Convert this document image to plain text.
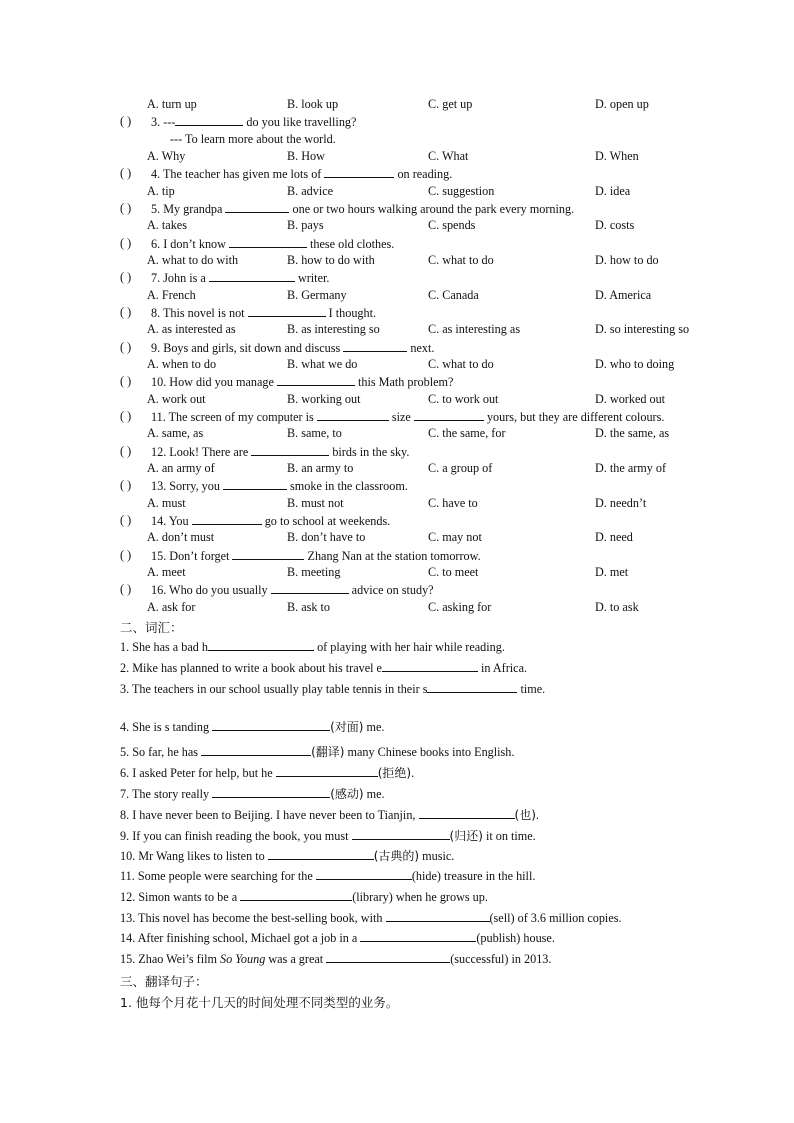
A. turn up	B. look up	C. get up	D. open up
( ) 3. ---	do you like travelling?
--- To learn more about the world.
A. Why	B. How	C. What	D. When
( ) 4. The teacher has given me lots of	on reading.
A. tip	B. advice	C. suggestion	D. idea
( ) 5. My grandpa	one or two hours walking around the park every morning.
A. takes	B. pays	C. spends	D. costs
( ) 6. I don’t know	these old clothes.
A. what to do with	B. how to do with	C. what to do	D. how to do
( ) 7. John is a	writer.
A. French	B. Germany	C. Canada	D. America
( ) 8. This novel is not	I thought.
A. as interested as	B. as interesting so	C. as interesting as	D. so interesting so
( ) 9. Boys and girls, sit down and discuss	next.
A. when to do	B. what we do	C. what to do	D. who to doing
( ) 10. How did you manage	this Math problem?
A. work out	B. working out	C. to work out	D. worked out
( ) 11. The screen of my computer is	size	yours, but they are different colours.
A. same, as	B. same, to	C. the same, for	D. the same, as
( ) 12. Look! There are	birds in the sky.
A. an army of	B. an army to	C. a group of	D. the army of
( ) 13. Sorry, you	smoke in the classroom.
A. must	B. must not	C. have to	D. needn’t
( ) 14. You	go to school at weekends.
A. don’t must	B. don’t have to	C. may not	D. need
( ) 15. Don’t forget	Zhang Nan at the station tomorrow.
A. meet	B. meeting	C. to meet	D. met
( ) 16. Who do you usually	advice on study?
A. ask for	B. ask to	C. asking for	D. to ask
二、词汇：
1. She has a bad h	of playing with her hair while reading.
2. Mike has planned to write a book about his travel e	in Africa.
3. The teachers in our school usually play table tennis in their s	time.
4. She is s tanding	(对面) me.
5. So far, he has	(翻译) many Chinese books into English.
6. I asked Peter for help, but he	(拒绝).
7. The story really	(感动) me.
8. I have never been to Beijing. I have never been to Tianjin,	(也).
9. If you can finish reading the book, you must	(归还) it on time.
10. Mr Wang likes to listen to	(古典的) music.
11. Some people were searching for the	(hide) treasure in the hill.
12. Simon wants to be a	(library) when he grows up.
13. This novel has become the best-selling book, with	(sell) of 3.6 million copies.
14. After finishing school, Michael got a job in a	(publish) house.
15. Zhao Wei’s film So Young was a great	(successful) in 2013.
三、翻译句子：
1. 他每个月花十几天的时间处理不同类型的业务。
